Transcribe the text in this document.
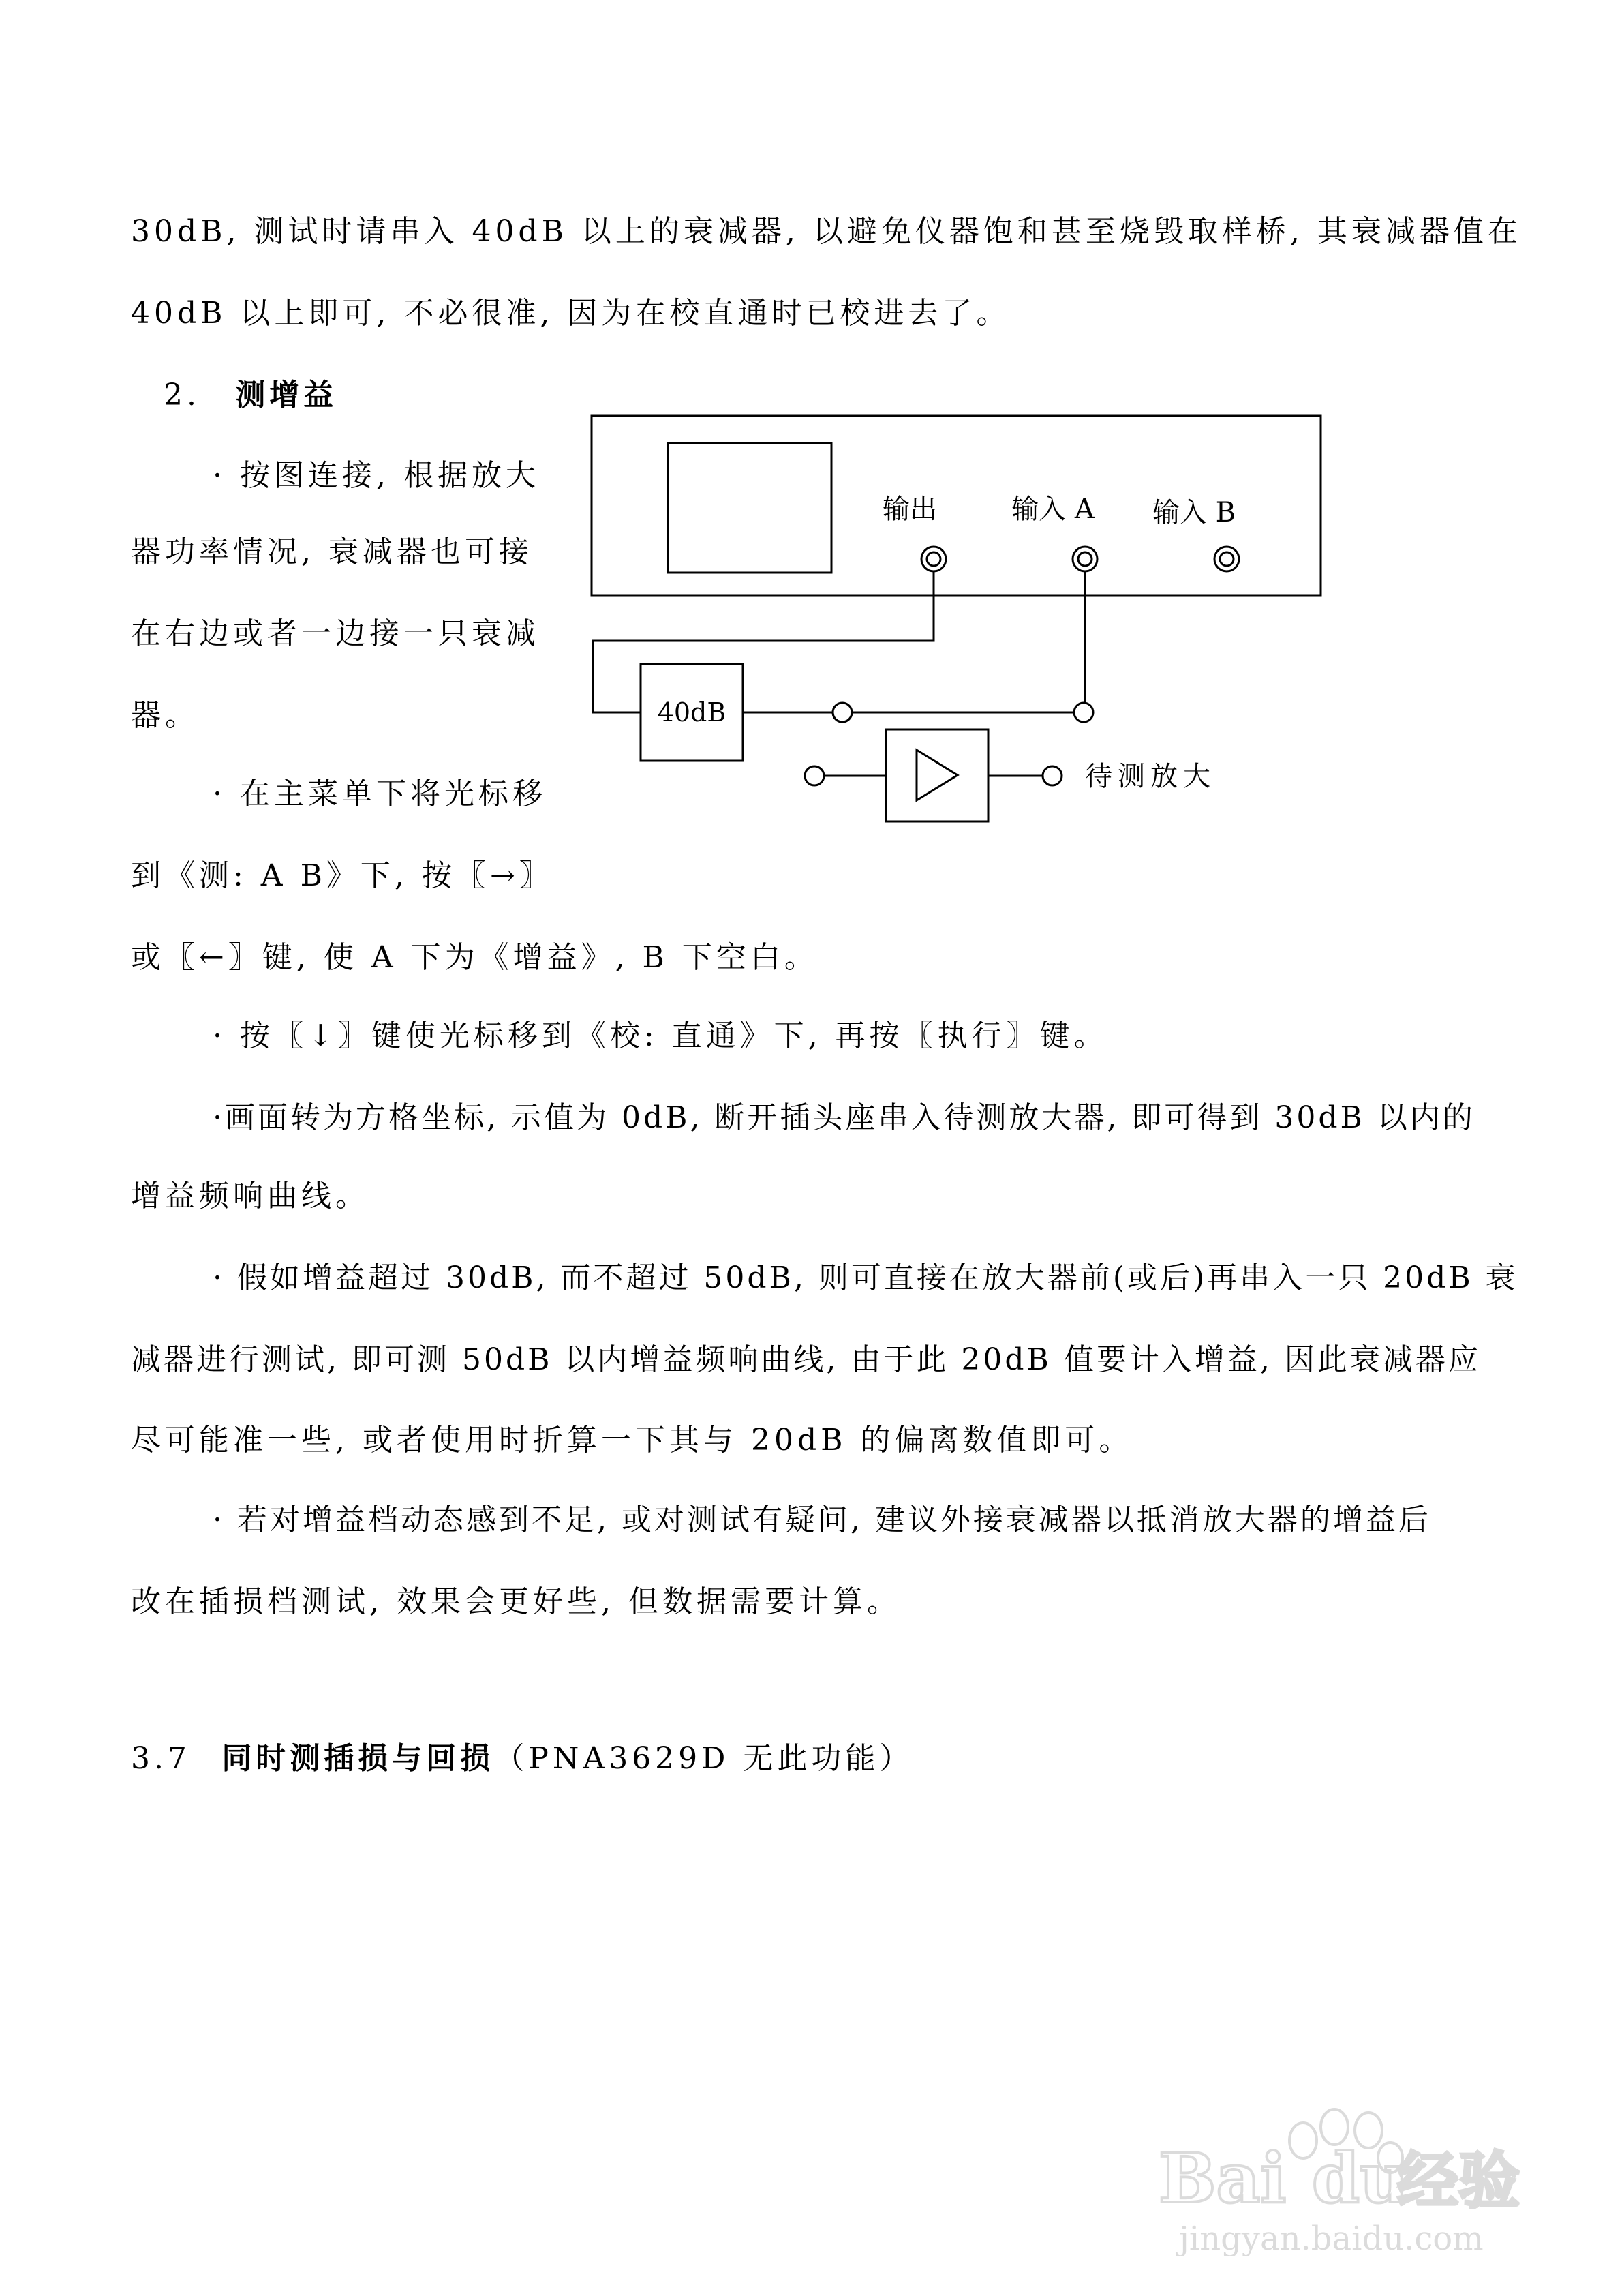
30dB, 测试时请串入 40dB 以上的衰减器, 以避免仪器饱和甚至烧毁取样桥, 其衰减器值在
40dB 以上即可, 不必很准, 因为在校直通时已校进去了。
2. 测增益
· 按图连接, 根据放大
器功率情况, 衰减器也可接
在右边或者一边接一只衰减
器。
· 在主菜单下将光标移
到《测: A B》下, 按〖→〗
输出	输入 A 输入 B
40dB
待测放大
或〖←〗键, 使 A 下为《增益》, B 下空白。
· 按〖↓〗键使光标移到《校: 直通》下, 再按〖执行〗键。
·画面转为方格坐标, 示值为 0dB, 断开插头座串入待测放大器, 即可得到 30dB 以内的
增益频响曲线。
· 假如增益超过 30dB, 而不超过 50dB, 则可直接在放大器前(或后)再串入一只 20dB 衰
减器进行测试, 即可测 50dB 以内增益频响曲线, 由于此 20dB 值要计入增益, 因此衰减器应
尽可能准一些, 或者使用时折算一下其与 20dB 的偏离数值即可。
· 若对增益档动态感到不足, 或对测试有疑问, 建议外接衰减器以抵消放大器的增益后
改在插损档测试, 效果会更好些, 但数据需要计算。
3.7 同时测插损与回损（PNA3629D 无此功能）
Bai du
经验
jingyan.baidu.com
